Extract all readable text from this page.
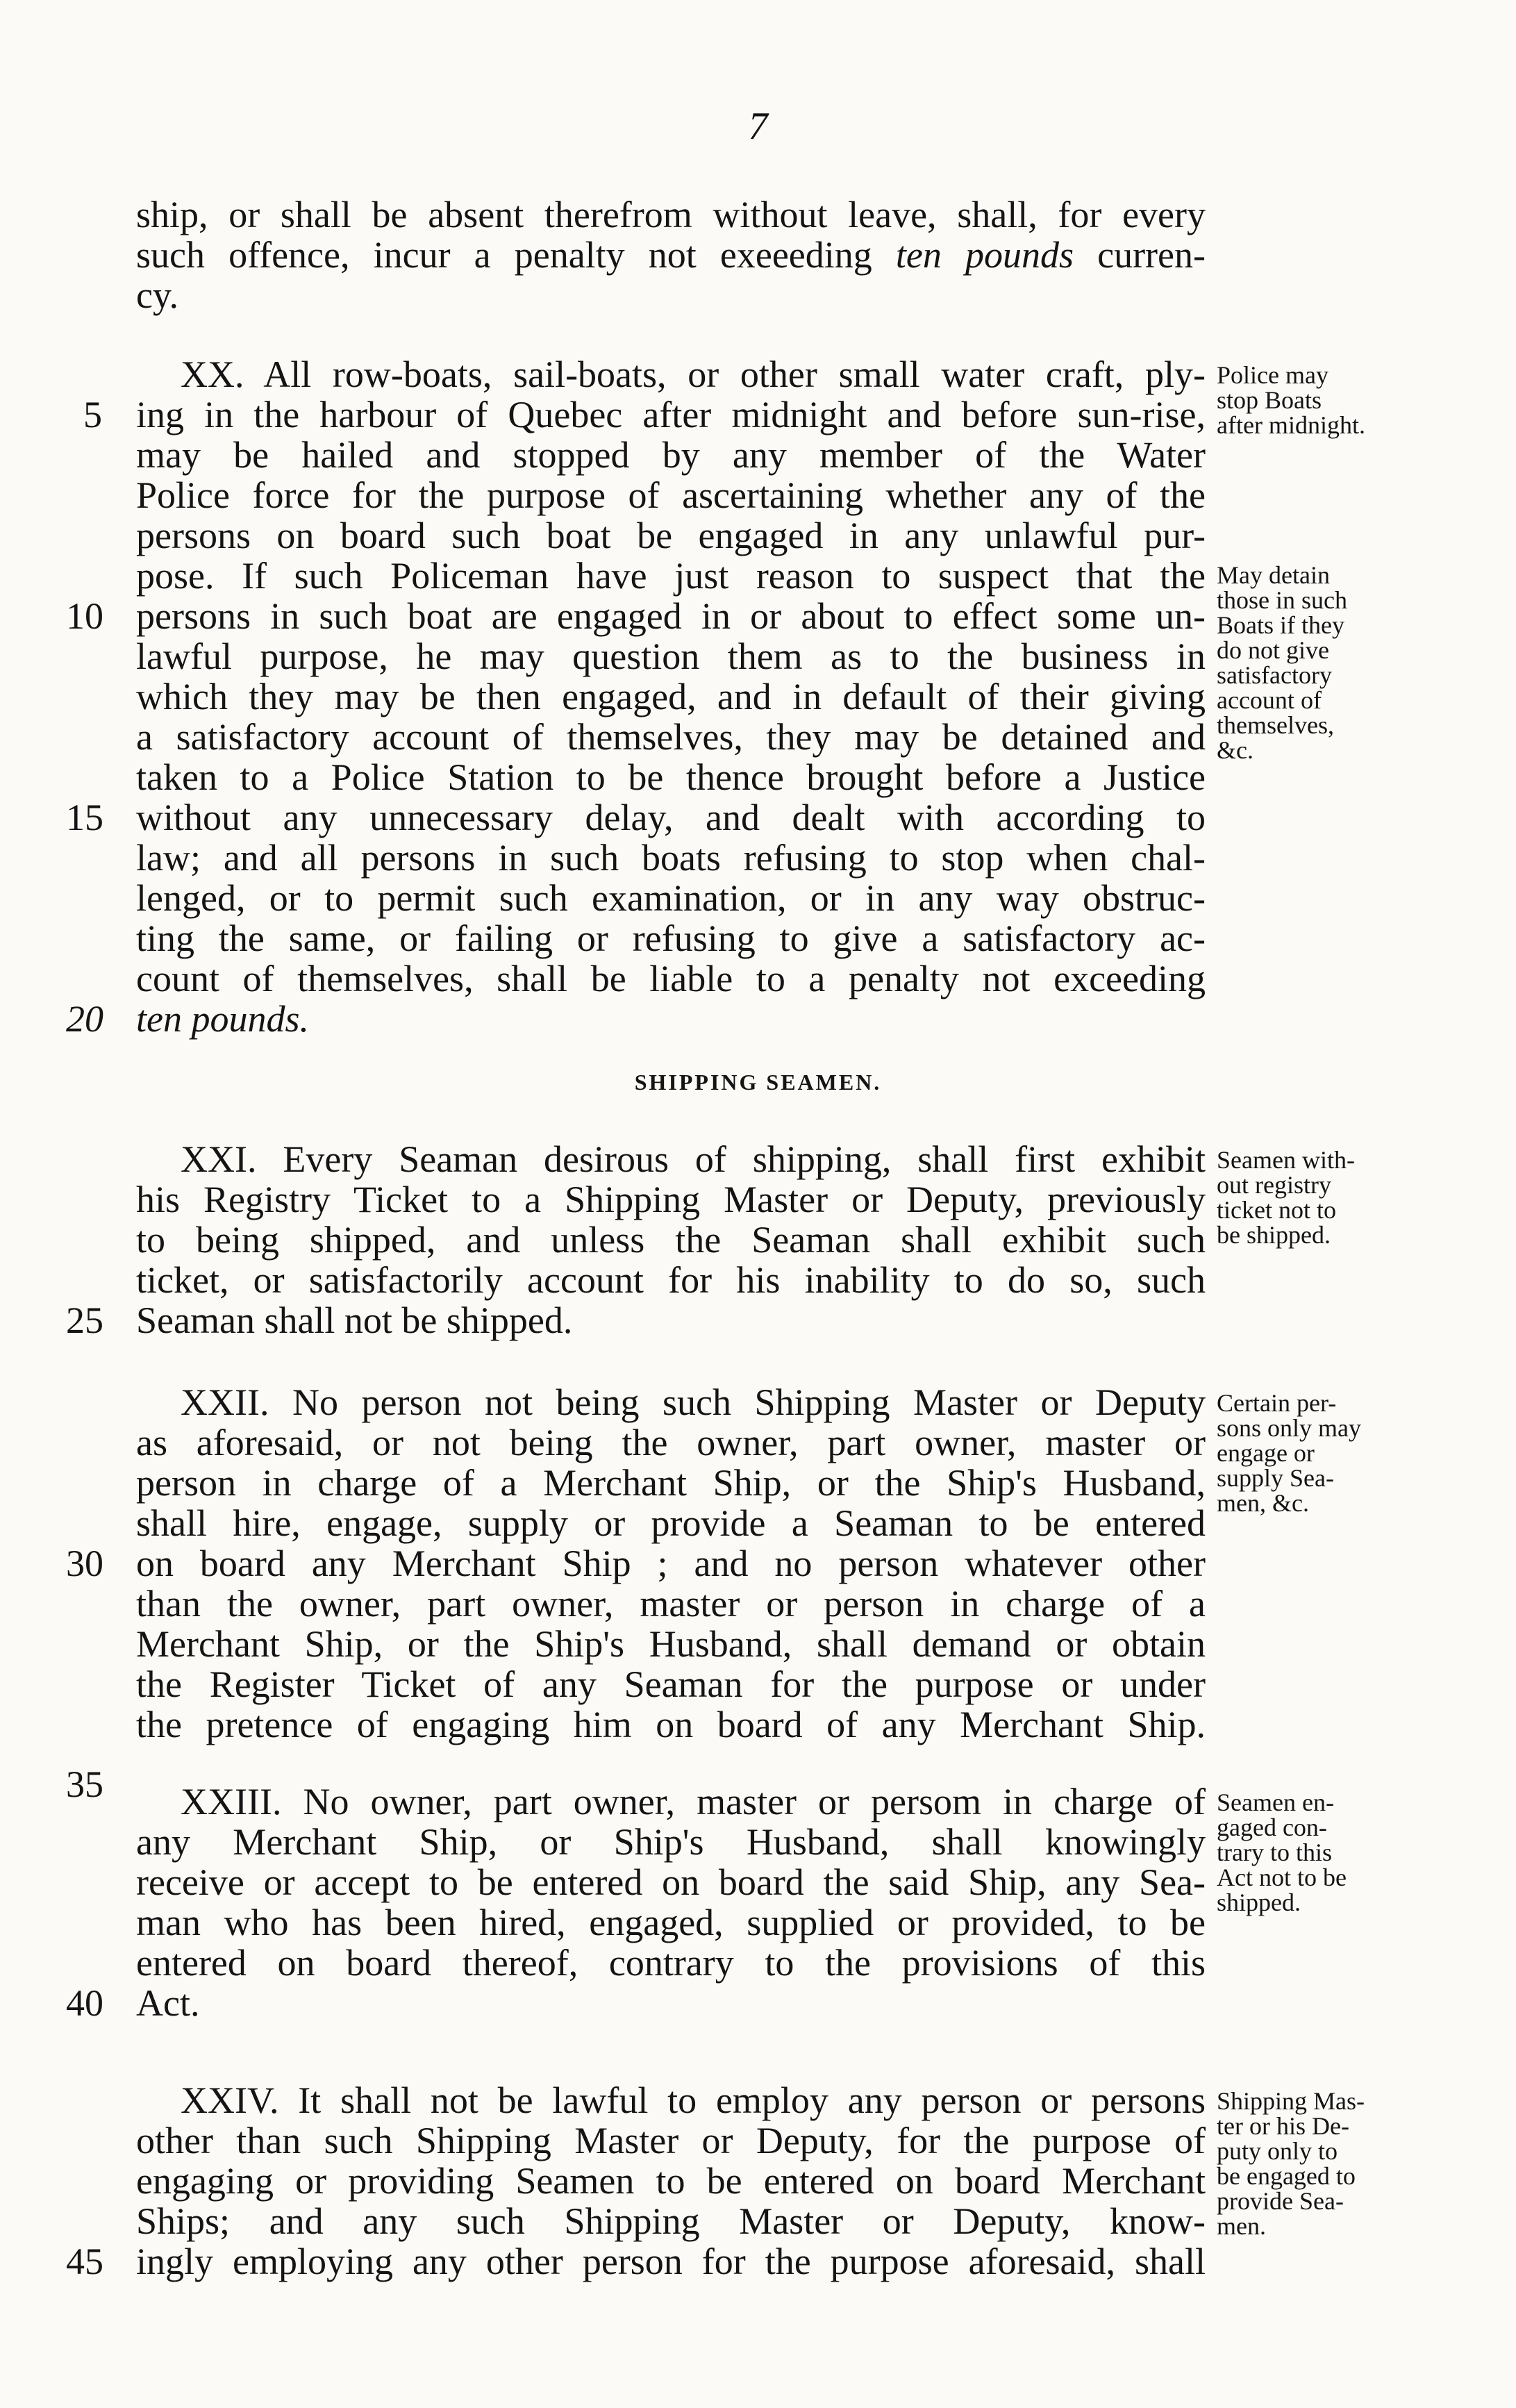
7
ship, or shall be absent therefrom without leave, shall, for every
such offence, incur a penalty not exeeeding ten pounds curren-
cy.
XX. All row-boats, sail-boats, or other small water craft, ply-
ing in the harbour of Quebec after midnight and before sun-rise,
may be hailed and stopped by any member of the Water
Police force for the purpose of ascertaining whether any of the
persons on board such boat be engaged in any unlawful pur-
pose. If such Policeman have just reason to suspect that the
persons in such boat are engaged in or about to effect some un-
lawful purpose, he may question them as to the business in
which they may be then engaged, and in default of their giving
a satisfactory account of themselves, they may be detained and
taken to a Police Station to be thence brought before a Justice
without any unnecessary delay, and dealt with according to
law; and all persons in such boats refusing to stop when chal-
lenged, or to permit such examination, or in any way obstruc-
ting the same, or failing or refusing to give a satisfactory ac-
count of themselves, shall be liable to a penalty not exceeding
ten pounds.
Police may
stop Boats
after midnight.
May detain
those in such
Boats if they
do not give
satisfactory
account of
themselves,
&c.
SHIPPING SEAMEN.
XXI. Every Seaman desirous of shipping, shall first exhibit
his Registry Ticket to a Shipping Master or Deputy, previously
to being shipped, and unless the Seaman shall exhibit such
ticket, or satisfactorily account for his inability to do so, such
Seaman shall not be shipped.
Seamen with-
out registry
ticket not to
be shipped.
XXII. No person not being such Shipping Master or Deputy
as aforesaid, or not being the owner, part owner, master or
person in charge of a Merchant Ship, or the Ship's Husband,
shall hire, engage, supply or provide a Seaman to be entered
on board any Merchant Ship ; and no person whatever other
than the owner, part owner, master or person in charge of a
Merchant Ship, or the Ship's Husband, shall demand or obtain
the Register Ticket of any Seaman for the purpose or under
the pretence of engaging him on board of any Merchant Ship.
Certain per-
sons only may
engage or
supply Sea-
men, &c.
XXIII. No owner, part owner, master or persom in charge of
any Merchant Ship, or Ship's Husband, shall knowingly
receive or accept to be entered on board the said Ship, any Sea-
man who has been hired, engaged, supplied or provided, to be
entered on board thereof, contrary to the provisions of this
Act.
Seamen en-
gaged con-
trary to this
Act not to be
shipped.
XXIV. It shall not be lawful to employ any person or persons
other than such Shipping Master or Deputy, for the purpose of
engaging or providing Seamen to be entered on board Merchant
Ships; and any such Shipping Master or Deputy, know-
ingly employing any other person for the purpose aforesaid, shall
Shipping Mas-
ter or his De-
puty only to
be engaged to
provide Sea-
men.
5
10
15
20
25
30
35
40
45
